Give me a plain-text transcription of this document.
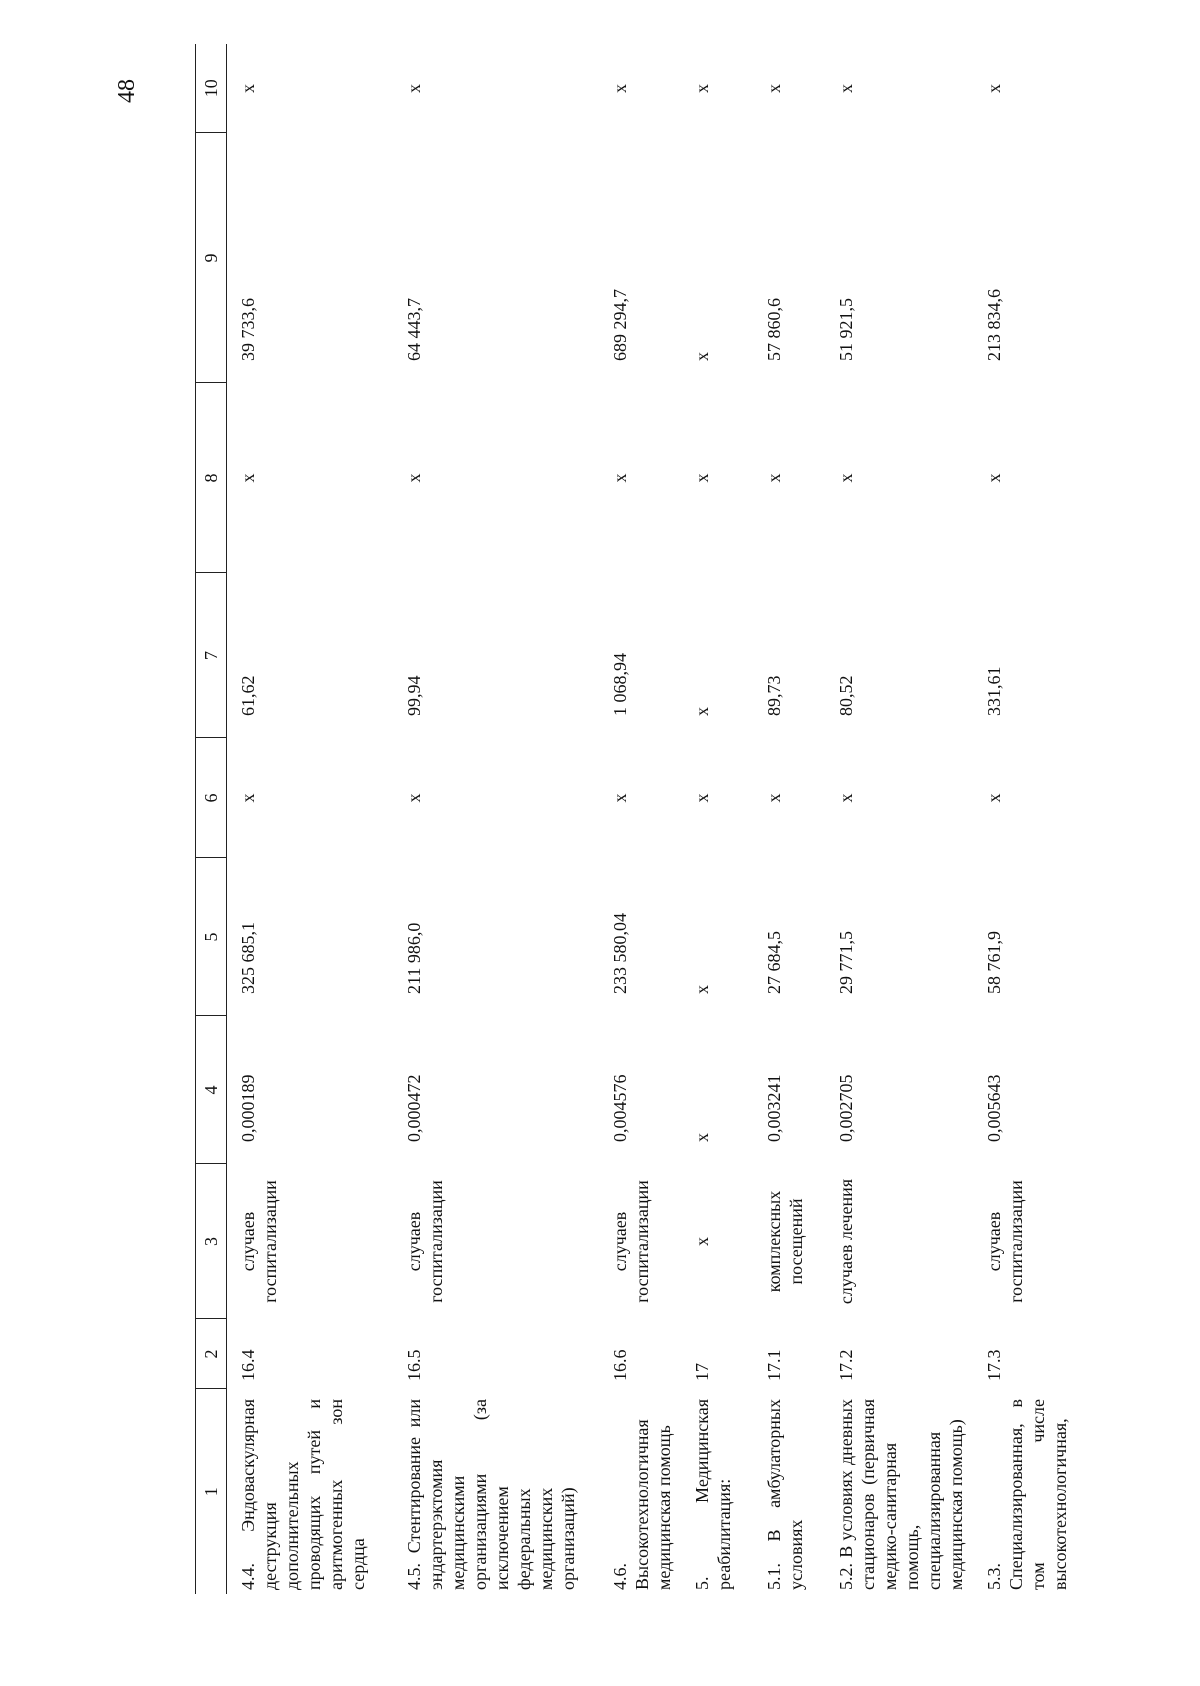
48
1	2	3	4	5	6	7	8	9	10
4.4. Эндоваскулярная деструкция дополнительных проводящих путей и аритмогенных зон сердца	16.4	случаев госпитализации	0,000189	325 685,1	x	61,62	x	39 733,6	x
4.5. Стентирование или эндартерэктомия медицинскими организациями (за исключением федеральных медицинских организаций)	16.5	случаев госпитализации	0,000472	211 986,0	x	99,94	x	64 443,7	x
4.6. Высокотехнологичная медицинская помощь	16.6	случаев госпитализации	0,004576	233 580,04	x	1 068,94	x	689 294,7	x
5. Медицинская реабилитация:	17	x	x	x	x	x	x	x	x
5.1. В амбулаторных условиях	17.1	комплексных посещений	0,003241	27 684,5	x	89,73	x	57 860,6	x
5.2. В условиях дневных стационаров (первичная медико-санитарная помощь, специализированная медицинская помощь)	17.2	случаев лечения	0,002705	29 771,5	x	80,52	x	51 921,5	x
5.3. Специализированная, в том числе высокотехнологичная,	17.3	случаев госпитализации	0,005643	58 761,9	x	331,61	x	213 834,6	x
